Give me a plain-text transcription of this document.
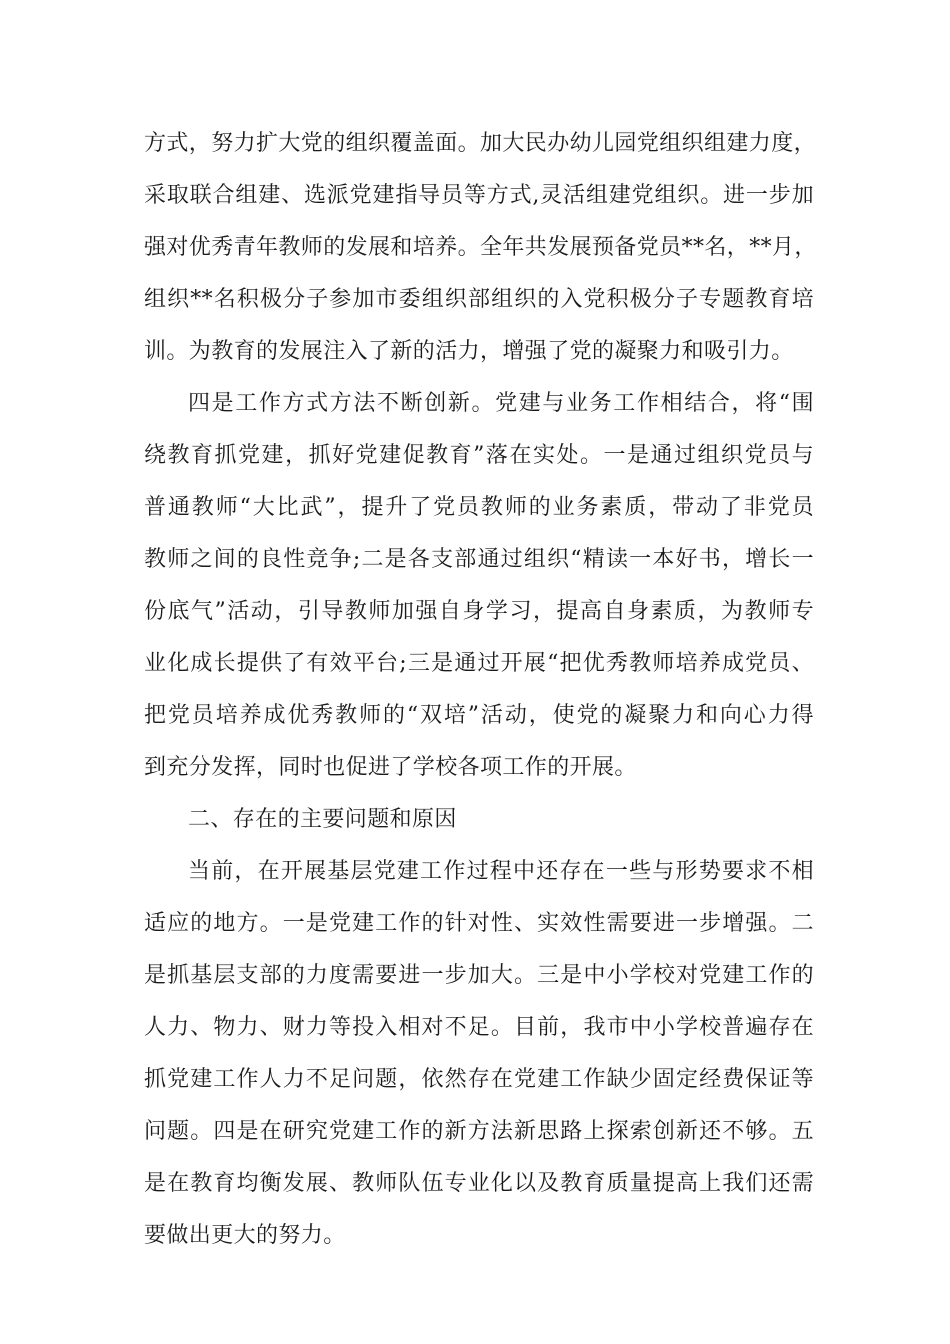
方式，努力扩大党的组织覆盖面。加大民办幼儿园党组织组建力度，
采取联合组建、选派党建指导员等方式,灵活组建党组织。进一步加
强对优秀青年教师的发展和培养。全年共发展预备党员**名，**月，
组织**名积极分子参加市委组织部组织的入党积极分子专题教育培
训。为教育的发展注入了新的活力，增强了党的凝聚力和吸引力。
四是工作方式方法不断创新。党建与业务工作相结合，将“围
绕教育抓党建，抓好党建促教育”落在实处。一是通过组织党员与
普通教师“大比武”，提升了党员教师的业务素质，带动了非党员
教师之间的良性竞争;二是各支部通过组织“精读一本好书，增长一
份底气”活动，引导教师加强自身学习，提高自身素质，为教师专
业化成长提供了有效平台;三是通过开展“把优秀教师培养成党员、
把党员培养成优秀教师的“双培”活动，使党的凝聚力和向心力得
到充分发挥，同时也促进了学校各项工作的开展。
二、存在的主要问题和原因
当前，在开展基层党建工作过程中还存在一些与形势要求不相
适应的地方。一是党建工作的针对性、实效性需要进一步增强。二
是抓基层支部的力度需要进一步加大。三是中小学校对党建工作的
人力、物力、财力等投入相对不足。目前，我市中小学校普遍存在
抓党建工作人力不足问题，依然存在党建工作缺少固定经费保证等
问题。四是在研究党建工作的新方法新思路上探索创新还不够。五
是在教育均衡发展、教师队伍专业化以及教育质量提高上我们还需
要做出更大的努力。
